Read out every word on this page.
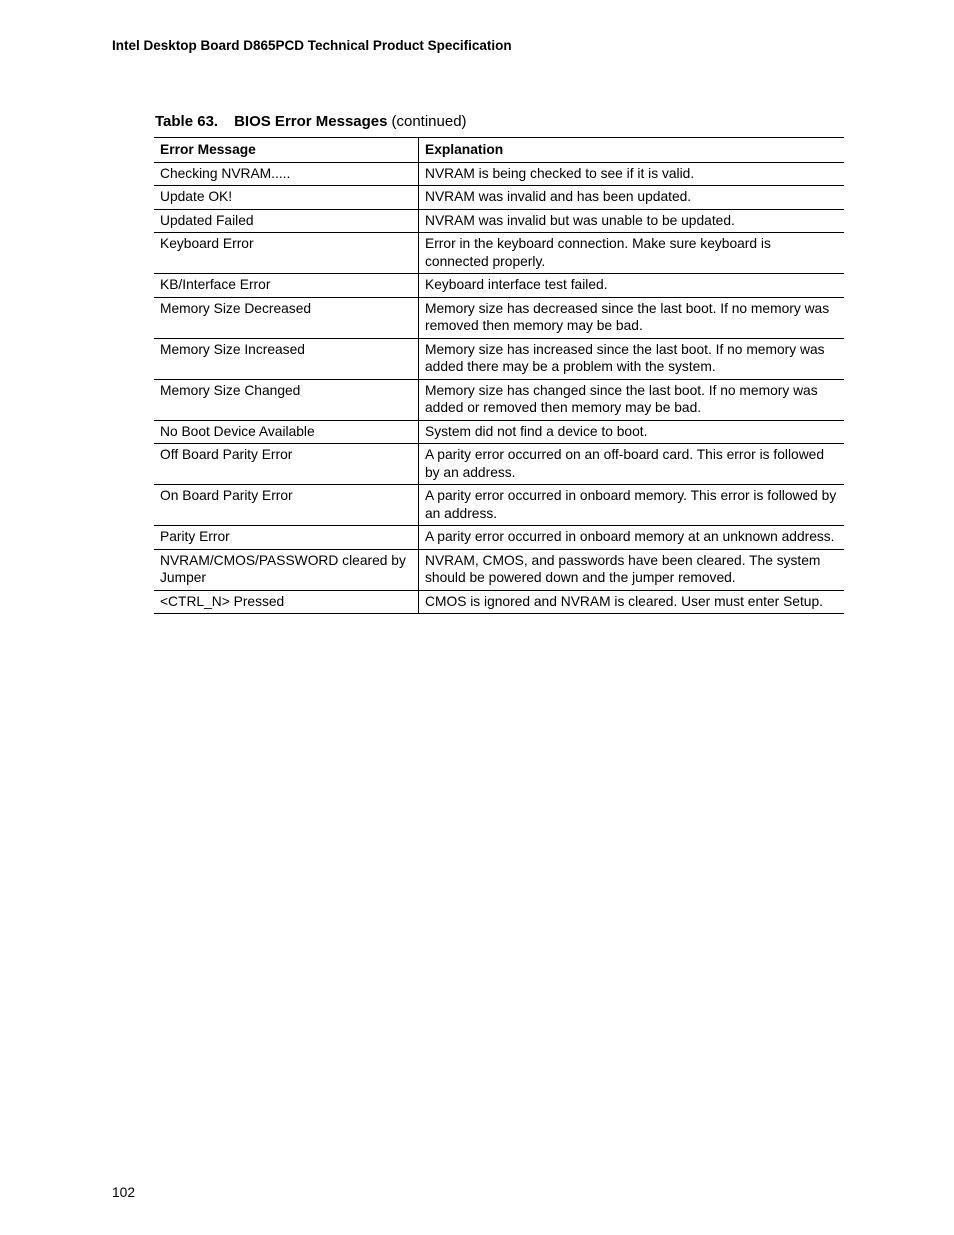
Intel Desktop Board D865PCD Technical Product Specification
Table 63. BIOS Error Messages (continued)
Error Message	Explanation
Checking NVRAM.....	NVRAM is being checked to see if it is valid.
Update OK!	NVRAM was invalid and has been updated.
Updated Failed	NVRAM was invalid but was unable to be updated.
Keyboard Error	Error in the keyboard connection. Make sure keyboard is connected properly.
KB/Interface Error	Keyboard interface test failed.
Memory Size Decreased	Memory size has decreased since the last boot. If no memory was removed then memory may be bad.
Memory Size Increased	Memory size has increased since the last boot. If no memory was added there may be a problem with the system.
Memory Size Changed	Memory size has changed since the last boot. If no memory was added or removed then memory may be bad.
No Boot Device Available	System did not find a device to boot.
Off Board Parity Error	A parity error occurred on an off-board card. This error is followed by an address.
On Board Parity Error	A parity error occurred in onboard memory. This error is followed by an address.
Parity Error	A parity error occurred in onboard memory at an unknown address.
NVRAM/CMOS/PASSWORD cleared by Jumper	NVRAM, CMOS, and passwords have been cleared. The system should be powered down and the jumper removed.
<CTRL_N> Pressed	CMOS is ignored and NVRAM is cleared. User must enter Setup.
102
